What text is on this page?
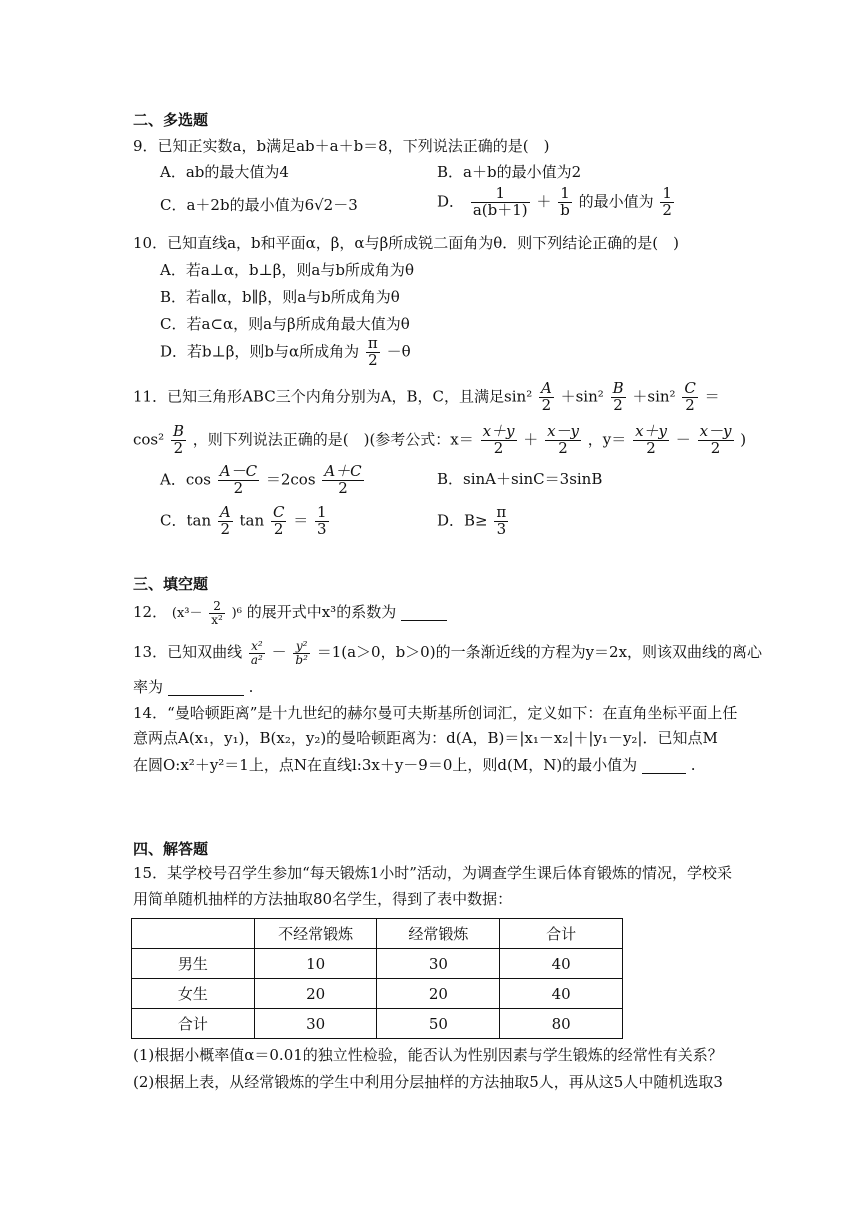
二、多选题
9．已知正实数a，b满足ab＋a＋b＝8，下列说法正确的是(　)
A．ab的最大值为4	B．a＋b的最小值为2
C．a＋2b的最小值为6√2－3	D． $\frac{1}{a(b+1)} + \frac{1}{b}$ 的最小值为 $\frac{1}{2}$
10．已知直线a，b和平面α，β，α与β所成锐二面角为θ．则下列结论正确的是(　)
A．若a⊥α，b⊥β，则a与b所成角为θ
B．若a∥α，b∥β，则a与b所成角为θ
C．若a⊂α，则a与β所成角最大值为θ
D．若b⊥β，则b与α所成角为 $\frac{\pi}{2} -\theta$
11．已知三角形ABC三个内角分别为A，B，C，且满足$\sin^2 \frac{A}{2} +\sin^2 \frac{B}{2} +\sin^2 \frac{C}{2}$ ＝
$\cos^2 \frac{B}{2}$ ，则下列说法正确的是(　)(参考公式：$x= \frac{x+y}{2} + \frac{x-y}{2}$ ，$y= \frac{x+y}{2} - \frac{x-y}{2}$ )
A．$\cos \frac{A-C}{2} =2\cos \frac{A+C}{2}$	B．sinA＋sinC＝3sinB
C．$\tan \frac{A}{2}$ $\tan \frac{C}{2} = \frac{1}{3}$	D．$B\ge \frac{\pi}{3}$
三、填空题
12． $(x^3- \frac{2}{\text{x²}} )^6$ 的展开式中x³的系数为
13．已知双曲线 $\frac{\text{x²}}{\text{a²}} - \frac{\text{y²}}{\text{b²}} =1(a>0$，b＞0)的一条渐近线的方程为y＝2x，则该双曲线的离心
率为	.
14．“曼哈顿距离”是十九世纪的赫尔曼可夫斯基所创词汇，定义如下：在直角坐标平面上任
意两点A(x₁，y₁)，B(x₂，y₂)的曼哈顿距离为：d(A，B)＝|x₁－x₂|＋|y₁－y₂|．已知点M
在圆O:x²＋y²＝1上，点N在直线l:3x＋y－9＝0上，则d(M，N)的最小值为	.
四、解答题
15．某学校号召学生参加“每天锻炼1小时”活动，为调查学生课后体育锻炼的情况，学校采
用简单随机抽样的方法抽取80名学生，得到了表中数据：
	不经常锻炼	经常锻炼	合计
男生	10	30	40
女生	20	20	40
合计	30	50	80
(1)根据小概率值α＝0.01的独立性检验，能否认为性别因素与学生锻炼的经常性有关系？
(2)根据上表，从经常锻炼的学生中利用分层抽样的方法抽取5人，再从这5人中随机选取3
